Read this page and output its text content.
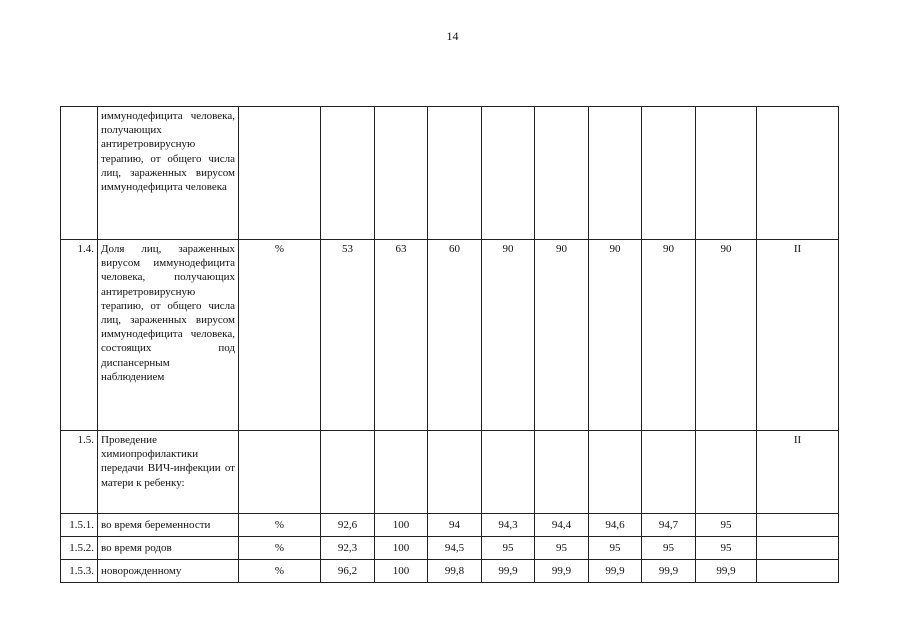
14
	иммунодефицита человека, получающих антиретровирусную терапию, от общего числа лиц, зараженных вирусом иммунодефицита человека										
1.4.	Доля лиц, зараженных вирусом иммунодефицита человека, получающих антиретровирусную терапию, от общего числа лиц, зараженных вирусом иммунодефицита человека, состоящих под диспансерным наблюдением	%	53	63	60	90	90	90	90	90	II
1.5.	Проведение химиопрофилактики передачи ВИЧ-инфекции от матери к ребенку:										II
1.5.1.	во время беременности	%	92,6	100	94	94,3	94,4	94,6	94,7	95	
1.5.2.	во время родов	%	92,3	100	94,5	95	95	95	95	95	
1.5.3.	новорожденному	%	96,2	100	99,8	99,9	99,9	99,9	99,9	99,9	
